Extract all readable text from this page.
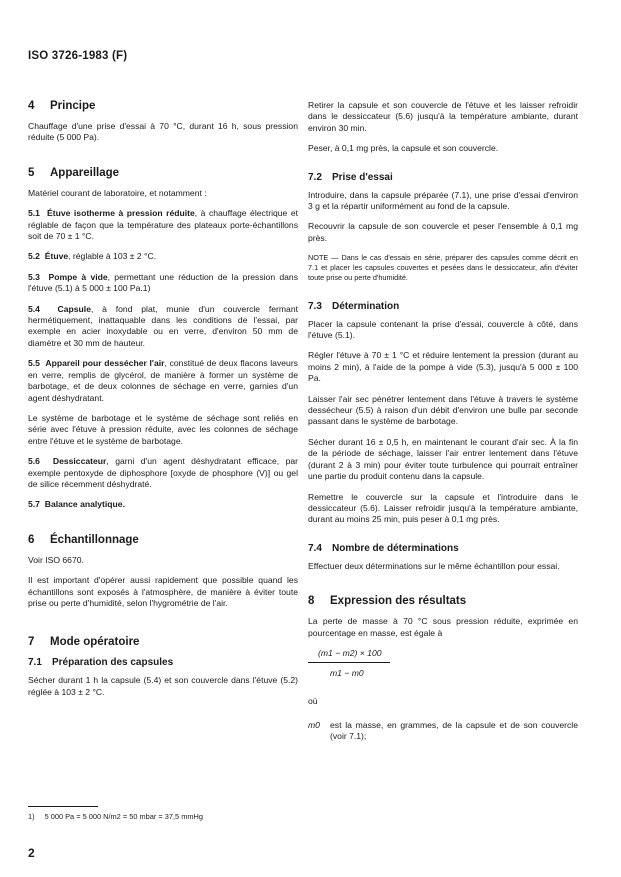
ISO 3726-1983 (F)
4 Principe

Chauffage d'une prise d'essai à 70 °C, durant 16 h, sous pression réduite (5 000 Pa).

5 Appareillage

Matériel courant de laboratoire, et notamment :

5.1 Étuve isotherme à pression réduite, à chauffage électrique et réglable de façon que la température des plateaux porte-échantillons soit de 70 ± 1 °C.

5.2 Étuve, réglable à 103 ± 2 °C.

5.3 Pompe à vide, permettant une réduction de la pression dans l'étuve (5.1) à 5 000 ± 100 Pa.1)

5.4 Capsule, à fond plat, munie d'un couvercle fermant hermétiquement, inattaquable dans les conditions de l'essai, par exemple en acier inoxydable ou en verre, d'environ 50 mm de diamètre et 30 mm de hauteur.

5.5 Appareil pour dessécher l'air, constitué de deux flacons laveurs en verre, remplis de glycérol, de manière à former un système de barbotage, et de deux colonnes de séchage en verre, garnies d'un agent déshydratant.

Le système de barbotage et le système de séchage sont reliés en série avec l'étuve à pression réduite, avec les colonnes de séchage entre l'étuve et le système de barbotage.

5.6 Dessiccateur, garni d'un agent déshydratant efficace, par exemple pentoxyde de diphosphore [oxyde de phosphore (V)] ou gel de silice récemment déshydraté.

5.7 Balance analytique.

6 Échantillonnage

Voir ISO 6670.

Il est important d'opérer aussi rapidement que possible quand les échantillons sont exposés à l'atmosphère, de manière à éviter toute prise ou perte d'humidité, selon l'hygrométrie de l'air.

7 Mode opératoire
7.1 Préparation des capsules

Sécher durant 1 h la capsule (5.4) et son couvercle dans l'étuve (5.2) réglée à 103 ± 2 °C.

Retirer la capsule et son couvercle de l'étuve et les laisser refroidir dans le dessiccateur (5.6) jusqu'à la température ambiante, durant environ 30 min.

Peser, à 0,1 mg près, la capsule et son couvercle.

7.2 Prise d'essai

Introduire, dans la capsule préparée (7.1), une prise d'essai d'environ 3 g et la répartir uniformément au fond de la capsule.

Recouvrir la capsule de son couvercle et peser l'ensemble à 0,1 mg près.

NOTE — Dans le cas d'essais en série, préparer des capsules comme décrit en 7.1 et placer les capsules couvertes et pesées dans le dessiccateur, afin d'éviter toute prise ou perte d'humidité.
7.3 Détermination

Placer la capsule contenant la prise d'essai, couvercle à côté, dans l'étuve (5.1).

Régler l'étuve à 70 ± 1 °C et réduire lentement la pression (durant au moins 2 min), à l'aide de la pompe à vide (5.3), jusqu'à 5 000 ± 100 Pa.

Laisser l'air sec pénétrer lentement dans l'étuve à travers le système dessécheur (5.5) à raison d'un débit d'environ une bulle par seconde passant dans le système de barbotage.

Sécher durant 16 ± 0,5 h, en maintenant le courant d'air sec. À la fin de la période de séchage, laisser l'air entrer lentement dans l'étuve (durant 2 à 3 min) pour éviter toute turbulence qui pourrait entraîner une partie du produit contenu dans la capsule.

Remettre le couvercle sur la capsule et l'introduire dans le dessiccateur (5.6). Laisser refroidir jusqu'à la température ambiante, durant au moins 25 min, puis peser à 0,1 mg près.

7.4 Nombre de déterminations

Effectuer deux déterminations sur le même échantillon pour essai.

8 Expression des résultats

La perte de masse à 70 °C sous pression réduite, exprimée en pourcentage en masse, est égale à

(m1 − m2) × 100
m1 − m0
où
m0	est la masse, en grammes, de la capsule et de son couvercle (voir 7.1);

1) 5 000 Pa = 5 000 N/m2 = 50 mbar = 37,5 mmHg
2
